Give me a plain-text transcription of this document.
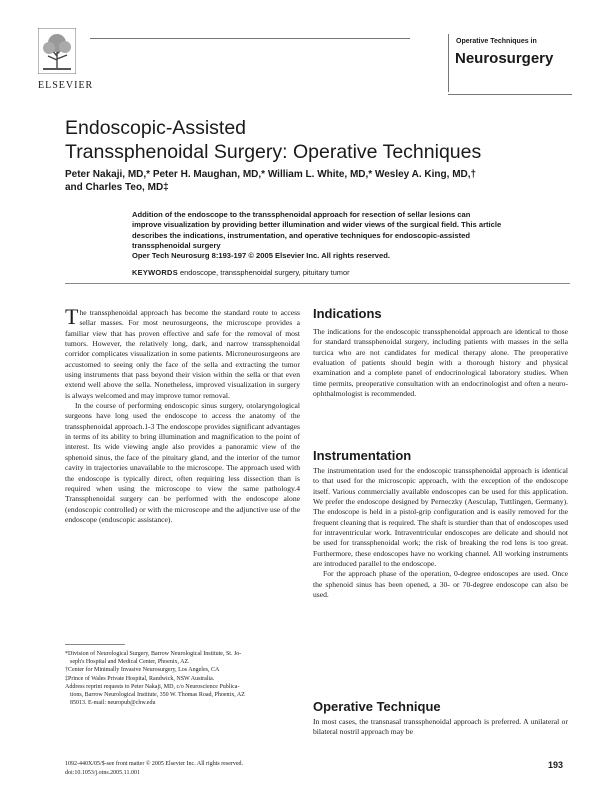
ELSEVIER
Operative Techniques in
Neurosurgery
Endoscopic-Assisted
Transsphenoidal Surgery: Operative Techniques
Peter Nakaji, MD,* Peter H. Maughan, MD,* William L. White, MD,* Wesley A. King, MD,†
and Charles Teo, MD‡
Addition of the endoscope to the transsphenoidal approach for resection of sellar lesions can improve visualization by providing better illumination and wider views of the surgical field. This article describes the indications, instrumentation, and operative techniques for endoscopic-assisted transsphenoidal surgery
Oper Tech Neurosurg 8:193-197 © 2005 Elsevier Inc. All rights reserved.
KEYWORDS endoscope, transsphenoidal surgery, pituitary tumor

The transsphenoidal approach has become the standard route to access sellar masses. For most neurosurgeons, the microscope provides a familiar view that has proven effective and safe for the removal of most tumors. However, the relatively long, dark, and narrow transsphenoidal corridor complicates visualization in some patients. Microneurosurgeons are accustomed to seeing only the face of the sella and extracting the tumor using instruments that pass beyond their vision within the sella or that even extend well above the sella. Nonetheless, improved visualization in surgery is always welcomed and may improve tumor removal.

In the course of performing endoscopic sinus surgery, otolaryngological surgeons have long used the endoscope to access the anatomy of the transsphenoidal approach.1-3 The endoscope provides significant advantages in terms of its ability to bring illumination and magnification to the point of interest. Its wide viewing angle also provides a panoramic view of the sphenoid sinus, the face of the pituitary gland, and the interior of the tumor cavity in trajectories unavailable to the microscope. The approach used with the endoscope is typically direct, often requiring less dissection than is required when using the microscope to view the same pathology.4 Transsphenoidal surgery can be performed with the endoscope alone (endoscopic controlled) or with the microscope and the adjunctive use of the endoscope (endoscopic assistance).

*Division of Neurological Surgery, Barrow Neurological Institute, St. Jo-
seph's Hospital and Medical Center, Phoenix, AZ.
†Center for Minimally Invasive Neurosurgery, Los Angeles, CA
‡Prince of Wales Private Hospital, Randwick, NSW Australia.
Address reprint requests to Peter Nakaji, MD, c/o Neuroscience Publica-
tions, Barrow Neurological Institute, 350 W. Thomas Road, Phoenix, AZ
85013. E-mail: neuropub@chw.edu
Indications

The indications for the endoscopic transsphenoidal approach are identical to those for standard transsphenoidal surgery, including patients with masses in the sella turcica who are not candidates for medical therapy alone. The preoperative evaluation of patients should begin with a thorough history and physical examination and a complete panel of endocrinological laboratory studies. When time permits, preoperative consultation with an endocrinologist and often a neuro-ophthalmologist is recommended.

Instrumentation

The instrumentation used for the endoscopic transsphenoidal approach is identical to that used for the microscopic approach, with the exception of the endoscope itself. Various commercially available endoscopes can be used for this application. We prefer the endoscope designed by Perneczky (Aesculap, Tuttlingen, Germany). The endoscope is held in a pistol-grip configuration and is easily removed for the frequent cleaning that is required. The shaft is sturdier than that of endoscopes used for intraventricular work. Intraventricular endoscopes are delicate and should not be used for transsphenoidal work; the risk of breaking the rod lens is too great. Furthermore, these endoscopes have no working channel. All working instruments are introduced parallel to the endoscope.

For the approach phase of the operation, 0-degree endoscopes are used. Once the sphenoid sinus has been opened, a 30- or 70-degree endoscope can also be used.

Operative Technique

In most cases, the transnasal transsphenoidal approach is preferred. A unilateral or bilateral nostril approach may be

1092-440X/05/$-see front matter © 2005 Elsevier Inc. All rights reserved.
doi:10.1053/j.otns.2005.11.001
193
